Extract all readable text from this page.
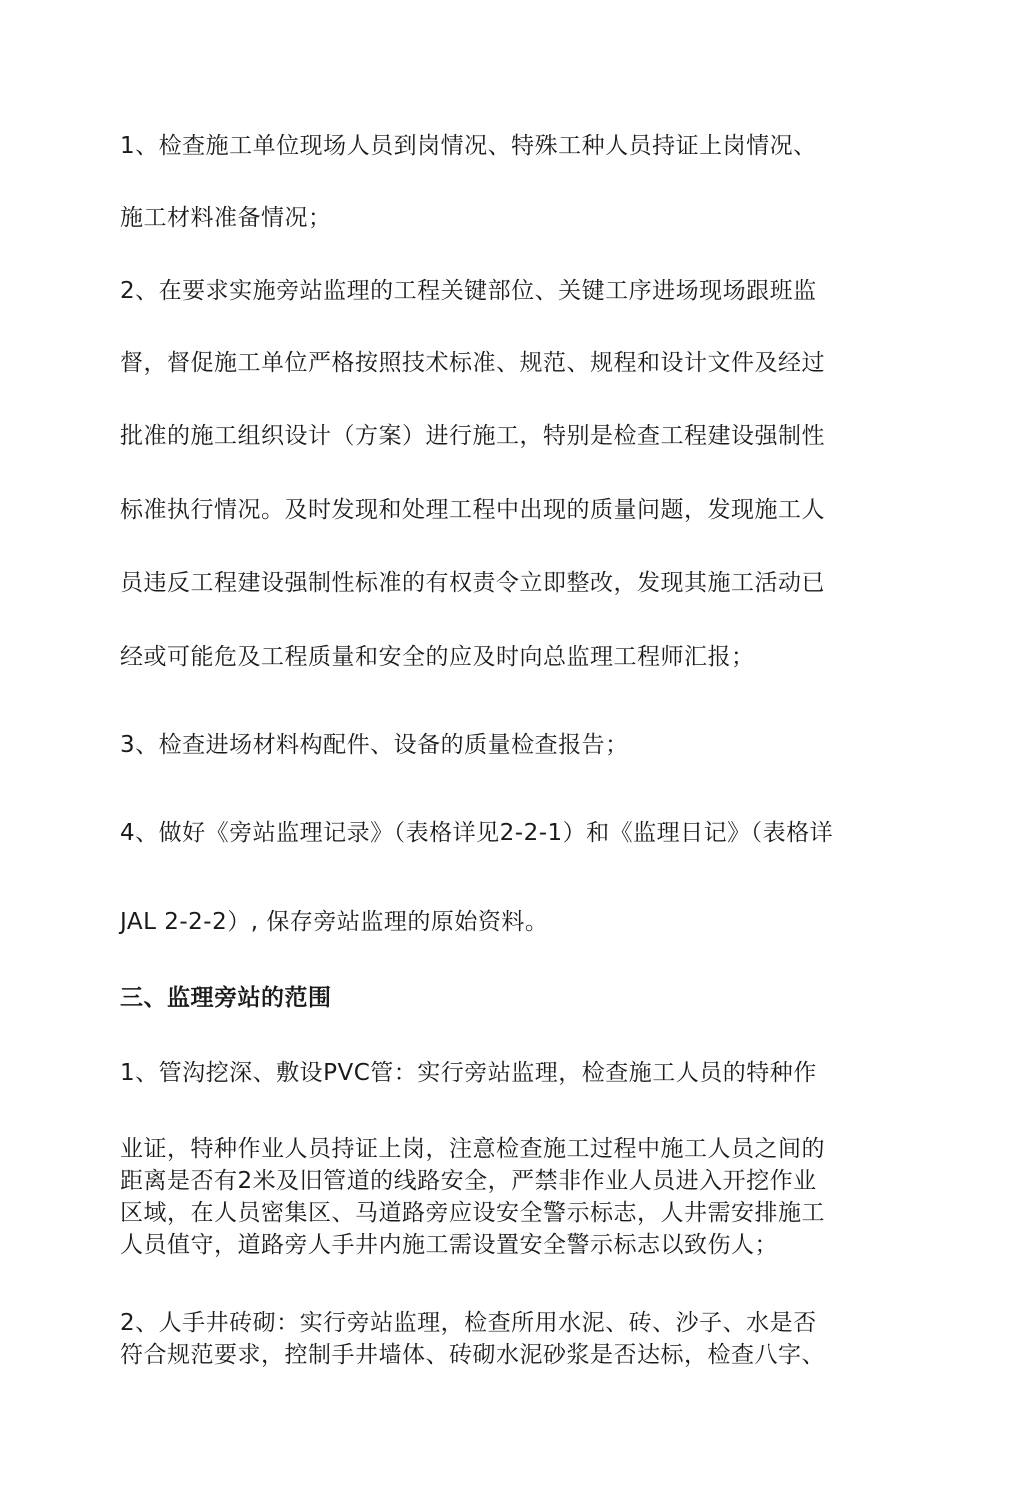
1、检查施工单位现场人员到岗情况、特殊工种人员持证上岗情况、
施工材料准备情况；
2、在要求实施旁站监理的工程关键部位、关键工序进场现场跟班监
督，督促施工单位严格按照技术标准、规范、规程和设计文件及经过
批准的施工组织设计（方案）进行施工，特别是检查工程建设强制性
标准执行情况。及时发现和处理工程中出现的质量问题，发现施工人
员违反工程建设强制性标准的有权责令立即整改，发现其施工活动已
经或可能危及工程质量和安全的应及时向总监理工程师汇报；
3、检查进场材料构配件、设备的质量检查报告；
4、做好《旁站监理记录》（表格详见2-2-1）和《监理日记》（表格详
JAL 2-2-2）, 保存旁站监理的原始资料。
三、监理旁站的范围
1、管沟挖深、敷设PVC管：实行旁站监理，检查施工人员的特种作
业证，特种作业人员持证上岗，注意检查施工过程中施工人员之间的
距离是否有2米及旧管道的线路安全，严禁非作业人员进入开挖作业
区域，在人员密集区、马道路旁应设安全警示标志，人井需安排施工
人员值守，道路旁人手井内施工需设置安全警示标志以致伤人；
2、人手井砖砌：实行旁站监理，检查所用水泥、砖、沙子、水是否
符合规范要求，控制手井墙体、砖砌水泥砂浆是否达标，检查八字、
